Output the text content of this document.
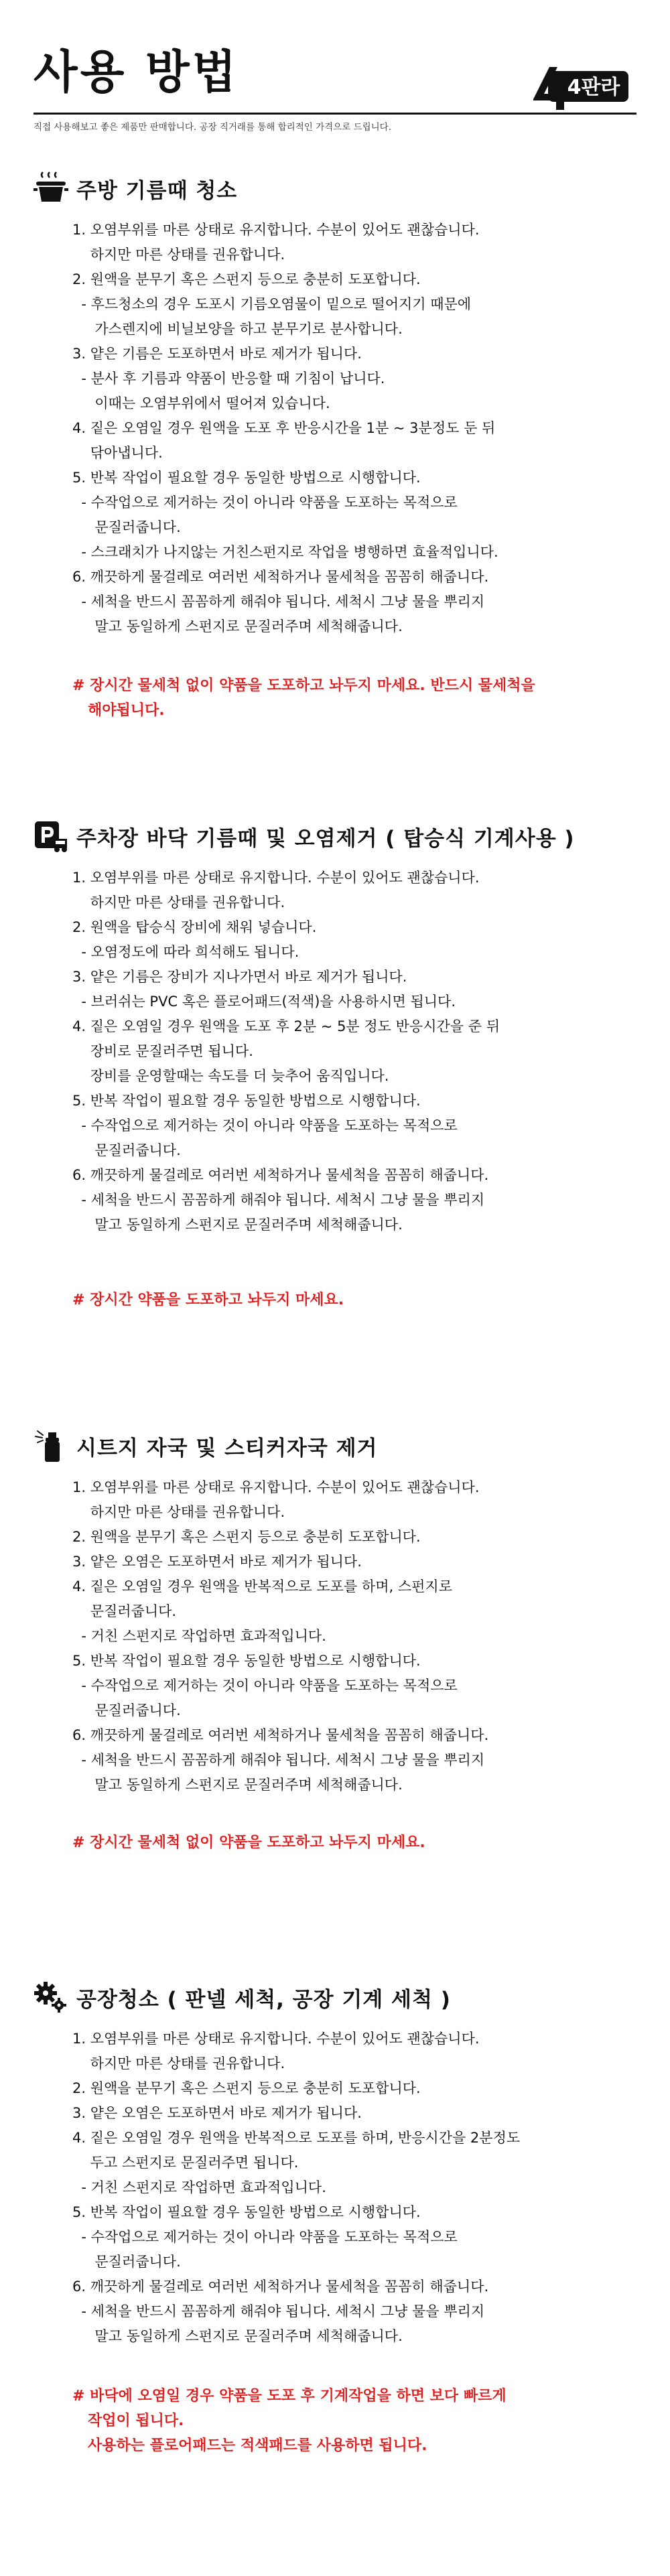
사용 방법
직접 사용해보고 좋은 제품만 판매합니다. 공장 직거래를 통해 합리적인 가격으로 드립니다.
4판라
주방 기름때 청소
1. 오염부위를 마른 상태로 유지합니다. 수분이 있어도 괜찮습니다.
하지만 마른 상태를 권유합니다.
2. 원액을 분무기 혹은 스펀지 등으로 충분히 도포합니다.
- 후드청소의 경우 도포시 기름오염물이 밑으로 떨어지기 때문에
가스렌지에 비닐보양을 하고 분무기로 분사합니다.
3. 얕은 기름은 도포하면서 바로 제거가 됩니다.
- 분사 후 기름과 약품이 반응할 때 기침이 납니다.
이때는 오염부위에서 떨어져 있습니다.
4. 짙은 오염일 경우 원액을 도포 후 반응시간을 1분 ~ 3분정도 둔 뒤
닦아냅니다.
5. 반복 작업이 필요할 경우 동일한 방법으로 시행합니다.
- 수작업으로 제거하는 것이 아니라 약품을 도포하는 목적으로
문질러줍니다.
- 스크래치가 나지않는 거친스펀지로 작업을 병행하면 효율적입니다.
6. 깨끗하게 물걸레로 여러번 세척하거나 물세척을 꼼꼼히 해줍니다.
- 세척을 반드시 꼼꼼하게 해줘야 됩니다. 세척시 그냥 물을 뿌리지
말고 동일하게 스펀지로 문질러주며 세척해줍니다.
# 장시간 물세척 없이 약품을 도포하고 놔두지 마세요. 반드시 물세척을
해야됩니다.
주차장 바닥 기름때 및 오염제거 ( 탑승식 기계사용 )
1. 오염부위를 마른 상태로 유지합니다. 수분이 있어도 괜찮습니다.
하지만 마른 상태를 권유합니다.
2. 원액을 탑승식 장비에 채워 넣습니다.
- 오염정도에 따라 희석해도 됩니다.
3. 얕은 기름은 장비가 지나가면서 바로 제거가 됩니다.
- 브러쉬는 PVC 혹은 플로어패드(적색)을 사용하시면 됩니다.
4. 짙은 오염일 경우 원액을 도포 후 2분 ~ 5분 정도 반응시간을 준 뒤
장비로 문질러주면 됩니다.
장비를 운영할때는 속도를 더 늦추어 움직입니다.
5. 반복 작업이 필요할 경우 동일한 방법으로 시행합니다.
- 수작업으로 제거하는 것이 아니라 약품을 도포하는 목적으로
문질러줍니다.
6. 깨끗하게 물걸레로 여러번 세척하거나 물세척을 꼼꼼히 해줍니다.
- 세척을 반드시 꼼꼼하게 해줘야 됩니다. 세척시 그냥 물을 뿌리지
말고 동일하게 스펀지로 문질러주며 세척해줍니다.
# 장시간 약품을 도포하고 놔두지 마세요.
시트지 자국 및 스티커자국 제거
1. 오염부위를 마른 상태로 유지합니다. 수분이 있어도 괜찮습니다.
하지만 마른 상태를 권유합니다.
2. 원액을 분무기 혹은 스펀지 등으로 충분히 도포합니다.
3. 얕은 오염은 도포하면서 바로 제거가 됩니다.
4. 짙은 오염일 경우 원액을 반복적으로 도포를 하며, 스펀지로
문질러줍니다.
- 거친 스펀지로 작업하면 효과적입니다.
5. 반복 작업이 필요할 경우 동일한 방법으로 시행합니다.
- 수작업으로 제거하는 것이 아니라 약품을 도포하는 목적으로
문질러줍니다.
6. 깨끗하게 물걸레로 여러번 세척하거나 물세척을 꼼꼼히 해줍니다.
- 세척을 반드시 꼼꼼하게 해줘야 됩니다. 세척시 그냥 물을 뿌리지
말고 동일하게 스펀지로 문질러주며 세척해줍니다.
# 장시간 물세척 없이 약품을 도포하고 놔두지 마세요.
공장청소 ( 판넬 세척, 공장 기계 세척 )
1. 오염부위를 마른 상태로 유지합니다. 수분이 있어도 괜찮습니다.
하지만 마른 상태를 권유합니다.
2. 원액을 분무기 혹은 스펀지 등으로 충분히 도포합니다.
3. 얕은 오염은 도포하면서 바로 제거가 됩니다.
4. 짙은 오염일 경우 원액을 반복적으로 도포를 하며, 반응시간을 2분정도
두고 스펀지로 문질러주면 됩니다.
- 거친 스펀지로 작업하면 효과적입니다.
5. 반복 작업이 필요할 경우 동일한 방법으로 시행합니다.
- 수작업으로 제거하는 것이 아니라 약품을 도포하는 목적으로
문질러줍니다.
6. 깨끗하게 물걸레로 여러번 세척하거나 물세척을 꼼꼼히 해줍니다.
- 세척을 반드시 꼼꼼하게 해줘야 됩니다. 세척시 그냥 물을 뿌리지
말고 동일하게 스펀지로 문질러주며 세척해줍니다.
# 바닥에 오염일 경우 약품을 도포 후 기계작업을 하면 보다 빠르게
작업이 됩니다.
사용하는 플로어패드는 적색패드를 사용하면 됩니다.
